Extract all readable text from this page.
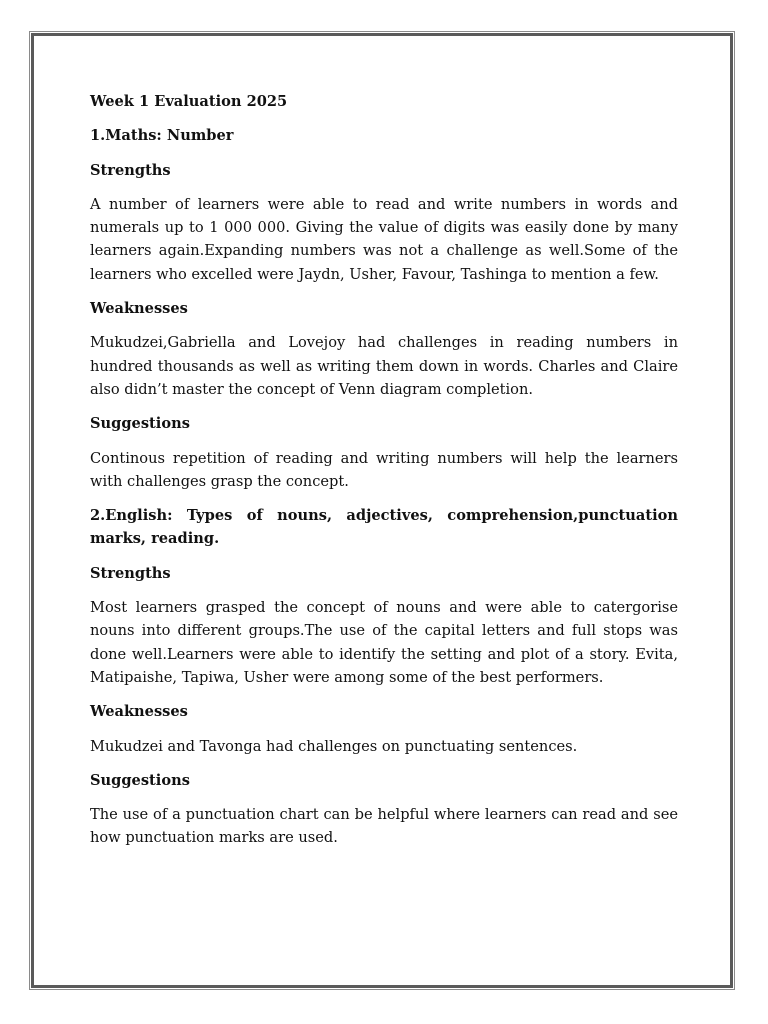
Week 1 Evaluation 2025

1.Maths: Number

Strengths

A number of learners were able to read and write numbers in words and numerals up to 1 000 000. Giving the value of digits was easily done by many learners again.Expanding numbers was not a challenge as well.Some of the learners who excelled were Jaydn, Usher, Favour, Tashinga to mention a few.

Weaknesses

Mukudzei,Gabriella and Lovejoy had challenges in reading numbers in hundred thousands as well as writing them down in words. Charles and Claire also didn’t master the concept of Venn diagram completion.

Suggestions

Continous repetition of reading and writing numbers will help the learners with challenges grasp the concept.

2.English: Types of nouns, adjectives, comprehension,punctuation marks, reading.

Strengths

Most learners grasped the concept of nouns and were able to catergorise nouns into different groups.The use of the capital letters and full stops was done well.Learners were able to identify the setting and plot of a story. Evita, Matipaishe, Tapiwa, Usher were among some of the best performers.

Weaknesses

Mukudzei and Tavonga had challenges on punctuating sentences.

Suggestions

The use of a punctuation chart can be helpful where learners can read and see how punctuation marks are used.
